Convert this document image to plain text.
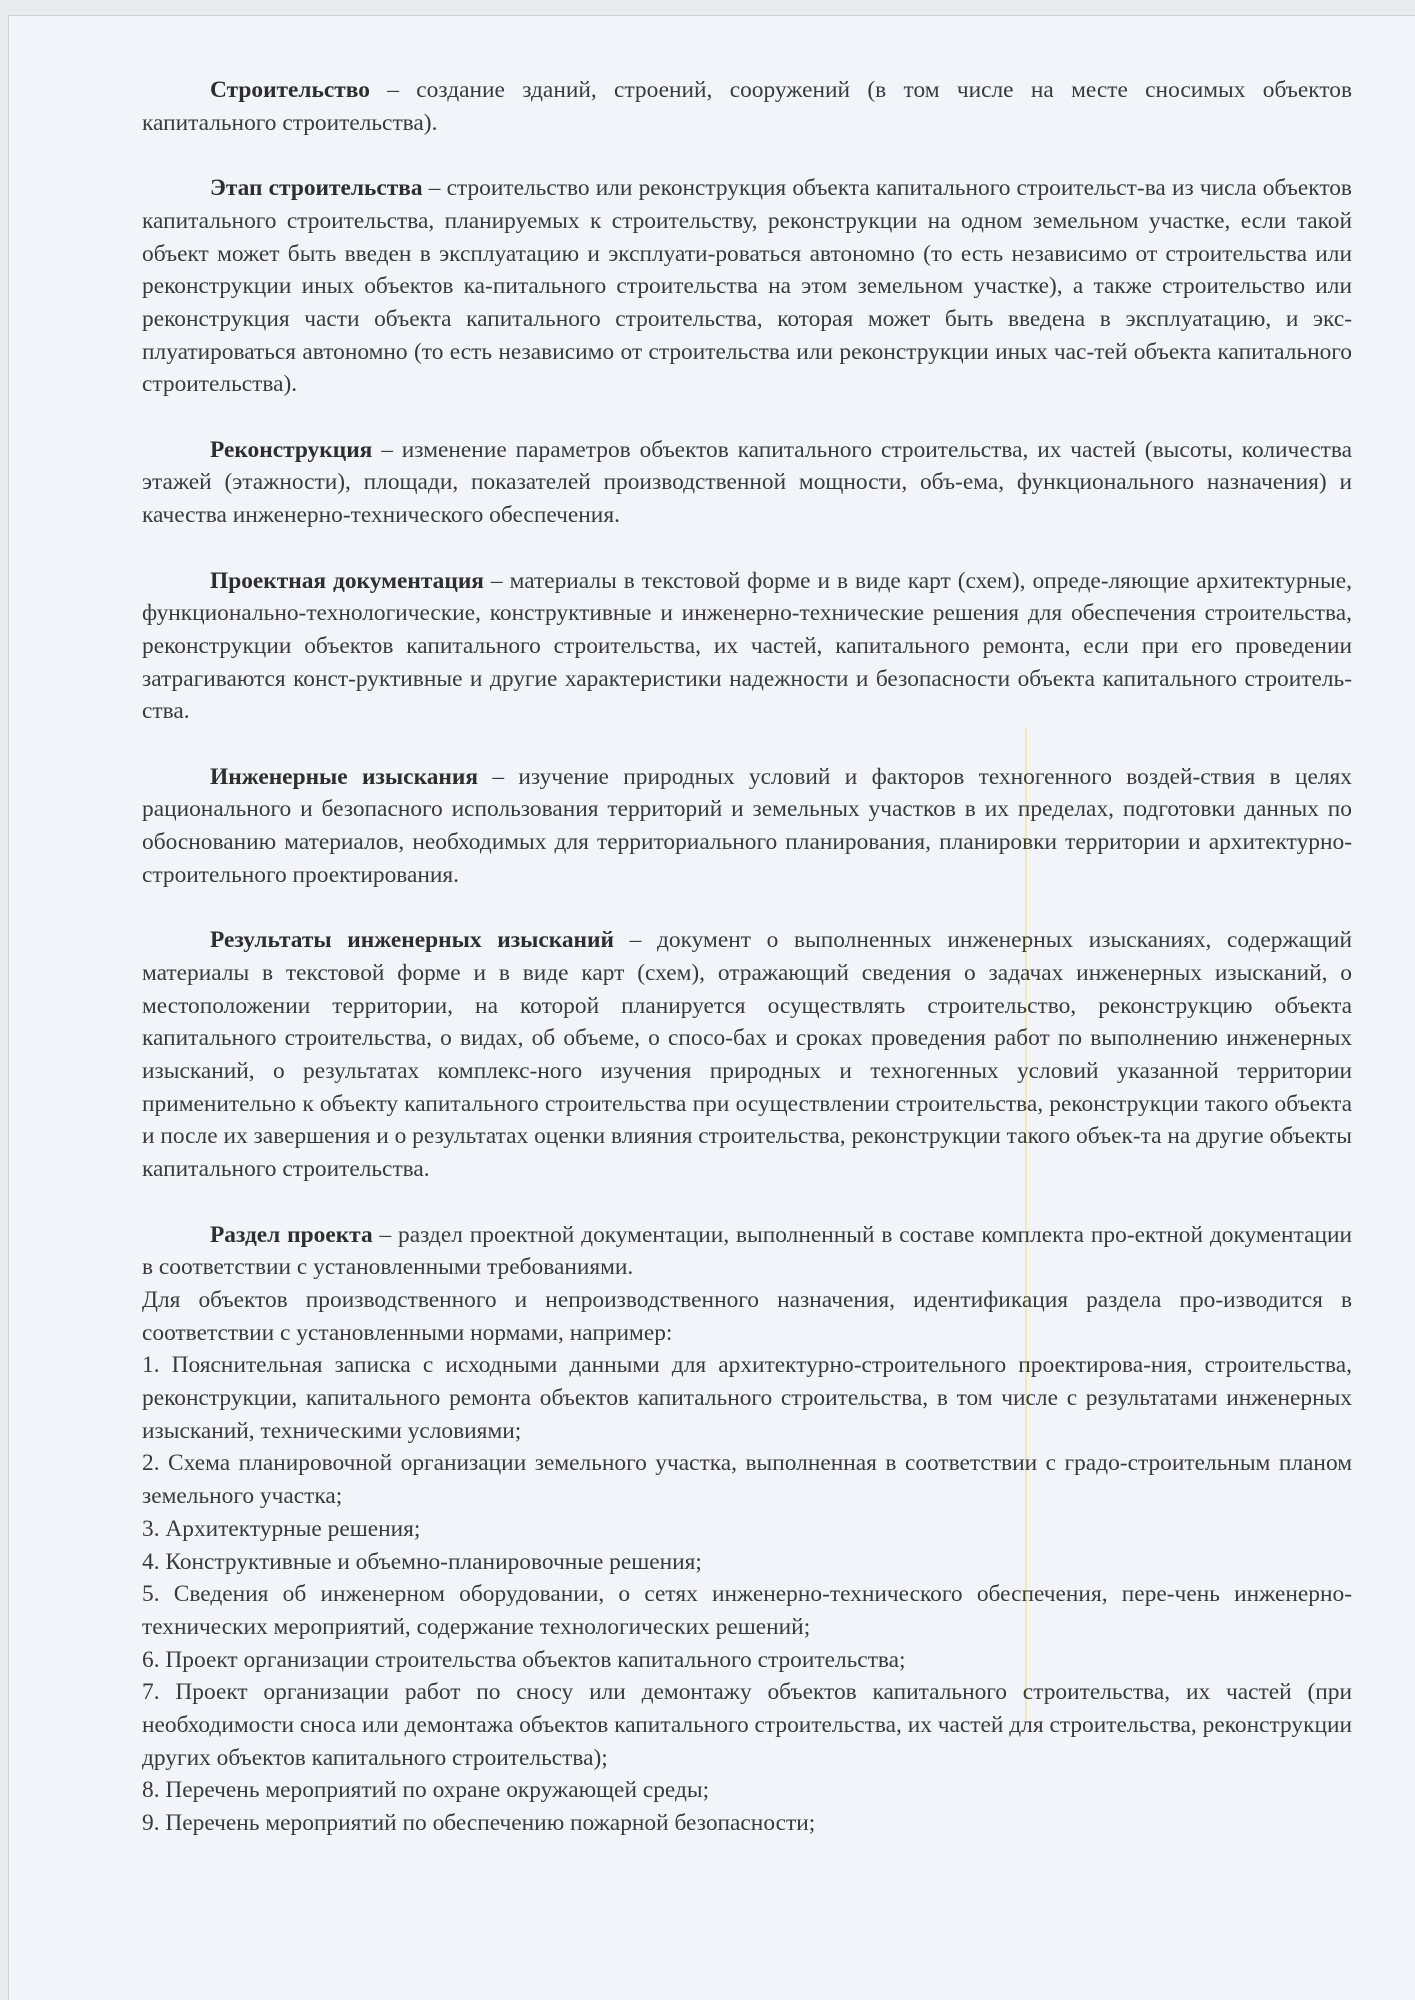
Строительство – создание зданий, строений, сооружений (в том числе на месте сносимых объектов капитального строительства).

Этап строительства – строительство или реконструкция объекта капитального строительст-ва из числа объектов капитального строительства, планируемых к строительству, реконструкции на одном земельном участке, если такой объект может быть введен в эксплуатацию и эксплуати-роваться автономно (то есть независимо от строительства или реконструкции иных объектов ка-питального строительства на этом земельном участке), а также строительство или реконструкция части объекта капитального строительства, которая может быть введена в эксплуатацию, и экс-плуатироваться автономно (то есть независимо от строительства или реконструкции иных час-тей объекта капитального строительства).

Реконструкция – изменение параметров объектов капитального строительства, их частей (высоты, количества этажей (этажности), площади, показателей производственной мощности, объ-ема, функционального назначения) и качества инженерно-технического обеспечения.

Проектная документация – материалы в текстовой форме и в виде карт (схем), опреде-ляющие архитектурные, функционально-технологические, конструктивные и инженерно-технические решения для обеспечения строительства, реконструкции объектов капитального строительства, их частей, капитального ремонта, если при его проведении затрагиваются конст-руктивные и другие характеристики надежности и безопасности объекта капитального строитель-ства.

Инженерные изыскания – изучение природных условий и факторов техногенного воздей-ствия в целях рационального и безопасного использования территорий и земельных участков в их пределах, подготовки данных по обоснованию материалов, необходимых для территориального планирования, планировки территории и архитектурно-строительного проектирования.

Результаты инженерных изысканий – документ о выполненных инженерных изысканиях, содержащий материалы в текстовой форме и в виде карт (схем), отражающий сведения о задачах инженерных изысканий, о местоположении территории, на которой планируется осуществлять строительство, реконструкцию объекта капитального строительства, о видах, об объеме, о спосо-бах и сроках проведения работ по выполнению инженерных изысканий, о результатах комплекс-ного изучения природных и техногенных условий указанной территории применительно к объекту капитального строительства при осуществлении строительства, реконструкции такого объекта и после их завершения и о результатах оценки влияния строительства, реконструкции такого объек-та на другие объекты капитального строительства.

Раздел проекта – раздел проектной документации, выполненный в составе комплекта про-ектной документации в соответствии с установленными требованиями.

Для объектов производственного и непроизводственного назначения, идентификация раздела про-изводится в соответствии с установленными нормами, например:

1. Пояснительная записка с исходными данными для архитектурно-строительного проектирова-ния, строительства, реконструкции, капитального ремонта объектов капитального строительства, в том числе с результатами инженерных изысканий, техническими условиями;
2. Схема планировочной организации земельного участка, выполненная в соответствии с градо-строительным планом земельного участка;
3. Архитектурные решения;
4. Конструктивные и объемно-планировочные решения;
5. Сведения об инженерном оборудовании, о сетях инженерно-технического обеспечения, пере-чень инженерно-технических мероприятий, содержание технологических решений;
6. Проект организации строительства объектов капитального строительства;
7. Проект организации работ по сносу или демонтажу объектов капитального строительства, их частей (при необходимости сноса или демонтажа объектов капитального строительства, их частей для строительства, реконструкции других объектов капитального строительства);
8. Перечень мероприятий по охране окружающей среды;
9. Перечень мероприятий по обеспечению пожарной безопасности;
